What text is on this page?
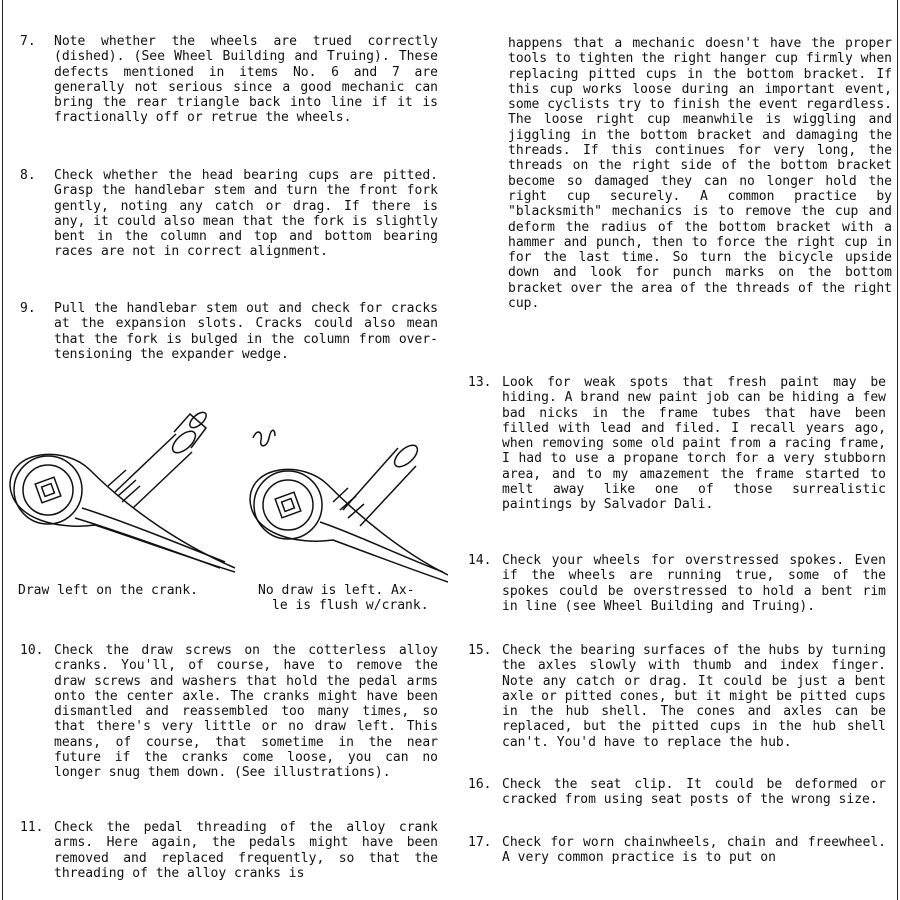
7. Note whether the wheels are trued correctly (dished). (See Wheel Building and Truing). These defects mentioned in items No. 6 and 7 are generally not serious since a good mechanic can bring the rear triangle back into line if it is fractionally off or retrue the wheels.
8. Check whether the head bearing cups are pitted. Grasp the handlebar stem and turn the front fork gently, noting any catch or drag. If there is any, it could also mean that the fork is slightly bent in the column and top and bottom bearing races are not in correct alignment.
9. Pull the handlebar stem out and check for cracks at the expansion slots. Cracks could also mean that the fork is bulged in the column from over-tensioning the expander wedge.
Draw left on the crank.	No draw is left. Ax-
le is flush w/crank.
10. Check the draw screws on the cotterless alloy cranks. You'll, of course, have to remove the draw screws and washers that hold the pedal arms onto the center axle. The cranks might have been dismantled and reassembled too many times, so that there's very little or no draw left. This means, of course, that sometime in the near future if the cranks come loose, you can no longer snug them down. (See illustrations).
11. Check the pedal threading of the alloy crank arms. Here again, the pedals might have been removed and replaced frequently, so that the threading of the alloy cranks is
happens that a mechanic doesn't have the proper tools to tighten the right hanger cup firmly when replacing pitted cups in the bottom bracket. If this cup works loose during an important event, some cyclists try to finish the event regardless. The loose right cup meanwhile is wiggling and jiggling in the bottom bracket and damaging the threads. If this continues for very long, the threads on the right side of the bottom bracket become so damaged they can no longer hold the right cup securely. A common practice by "blacksmith" mechanics is to remove the cup and deform the radius of the bottom bracket with a hammer and punch, then to force the right cup in for the last time. So turn the bicycle upside down and look for punch marks on the bottom bracket over the area of the threads of the right cup.
13. Look for weak spots that fresh paint may be hiding. A brand new paint job can be hiding a few bad nicks in the frame tubes that have been filled with lead and filed. I recall years ago, when removing some old paint from a racing frame, I had to use a propane torch for a very stubborn area, and to my amazement the frame started to melt away like one of those surrealistic paintings by Salvador Dali.
14. Check your wheels for overstressed spokes. Even if the wheels are running true, some of the spokes could be overstressed to hold a bent rim in line (see Wheel Building and Truing).
15. Check the bearing surfaces of the hubs by turning the axles slowly with thumb and index finger. Note any catch or drag. It could be just a bent axle or pitted cones, but it might be pitted cups in the hub shell. The cones and axles can be replaced, but the pitted cups in the hub shell can't. You'd have to replace the hub.
16. Check the seat clip. It could be deformed or cracked from using seat posts of the wrong size.
17. Check for worn chainwheels, chain and freewheel. A very common practice is to put on
